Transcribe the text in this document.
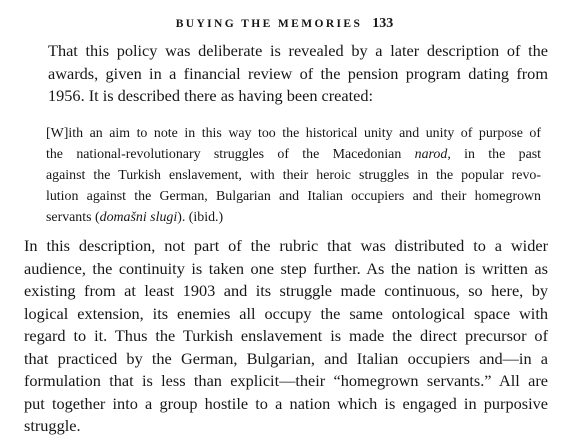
BUYING THE MEMORIES 133
That this policy was deliberate is revealed by a later description of the
awards, given in a financial review of the pension program dating from
1956. It is described there as having been created:
[W]ith an aim to note in this way too the historical unity and unity of purpose of
the national-revolutionary struggles of the Macedonian narod, in the past
against the Turkish enslavement, with their heroic struggles in the popular revo-
lution against the German, Bulgarian and Italian occupiers and their homegrown
servants (domašni slugi). (ibid.)
In this description, not part of the rubric that was distributed to a wider
audience, the continuity is taken one step further. As the nation is written as
existing from at least 1903 and its struggle made continuous, so here, by
logical extension, its enemies all occupy the same ontological space with
regard to it. Thus the Turkish enslavement is made the direct precursor of
that practiced by the German, Bulgarian, and Italian occupiers and—in a
formulation that is less than explicit—their “homegrown servants.” All are
put together into a group hostile to a nation which is engaged in purposive
struggle.
